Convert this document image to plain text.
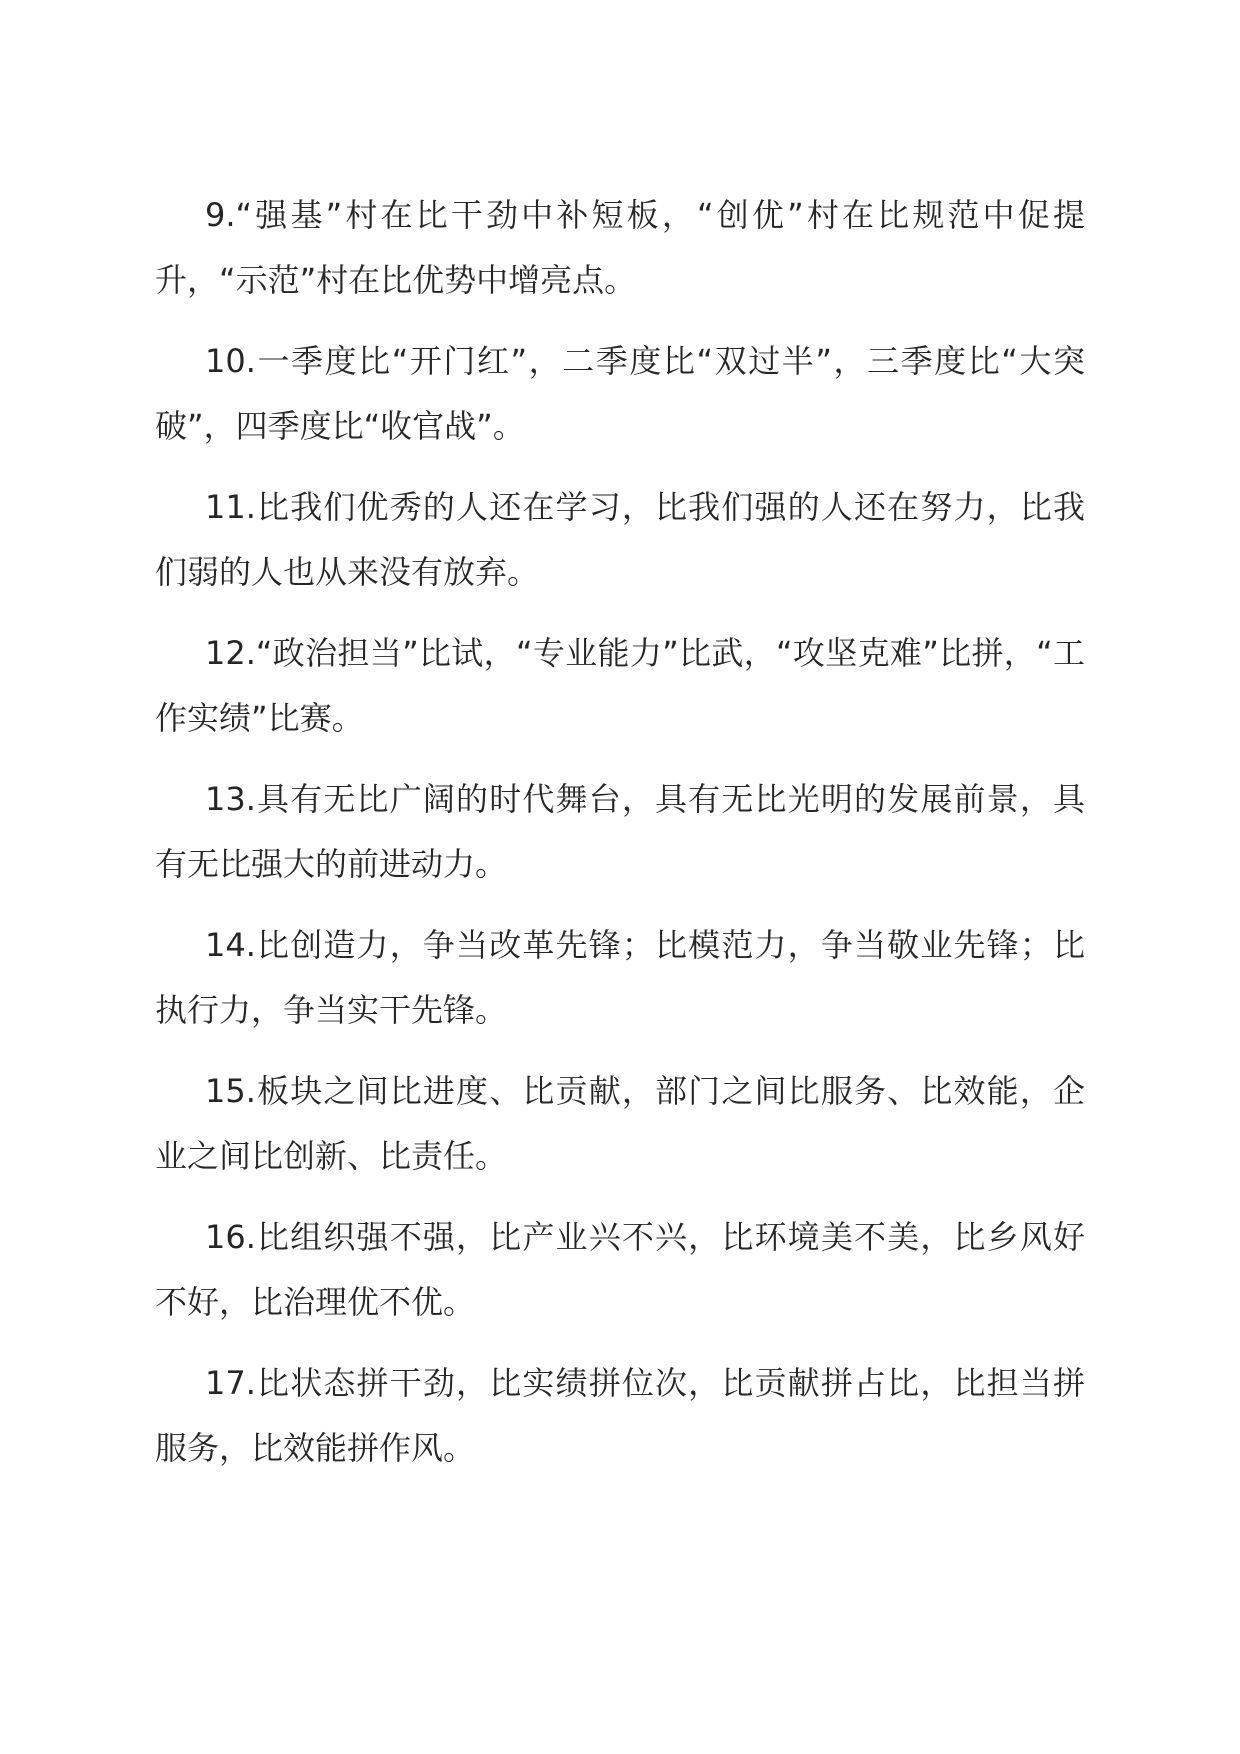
9.“强基”村在比干劲中补短板，“创优”村在比规范中促提升，“示范”村在比优势中增亮点。

10.一季度比“开门红”，二季度比“双过半”，三季度比“大突破”，四季度比“收官战”。

11.比我们优秀的人还在学习，比我们强的人还在努力，比我们弱的人也从来没有放弃。

12.“政治担当”比试，“专业能力”比武，“攻坚克难”比拼，“工作实绩”比赛。

13.具有无比广阔的时代舞台，具有无比光明的发展前景，具有无比强大的前进动力。

14.比创造力，争当改革先锋；比模范力，争当敬业先锋；比执行力，争当实干先锋。

15.板块之间比进度、比贡献，部门之间比服务、比效能，企业之间比创新、比责任。

16.比组织强不强，比产业兴不兴，比环境美不美，比乡风好不好，比治理优不优。

17.比状态拼干劲，比实绩拼位次，比贡献拼占比，比担当拼服务，比效能拼作风。
